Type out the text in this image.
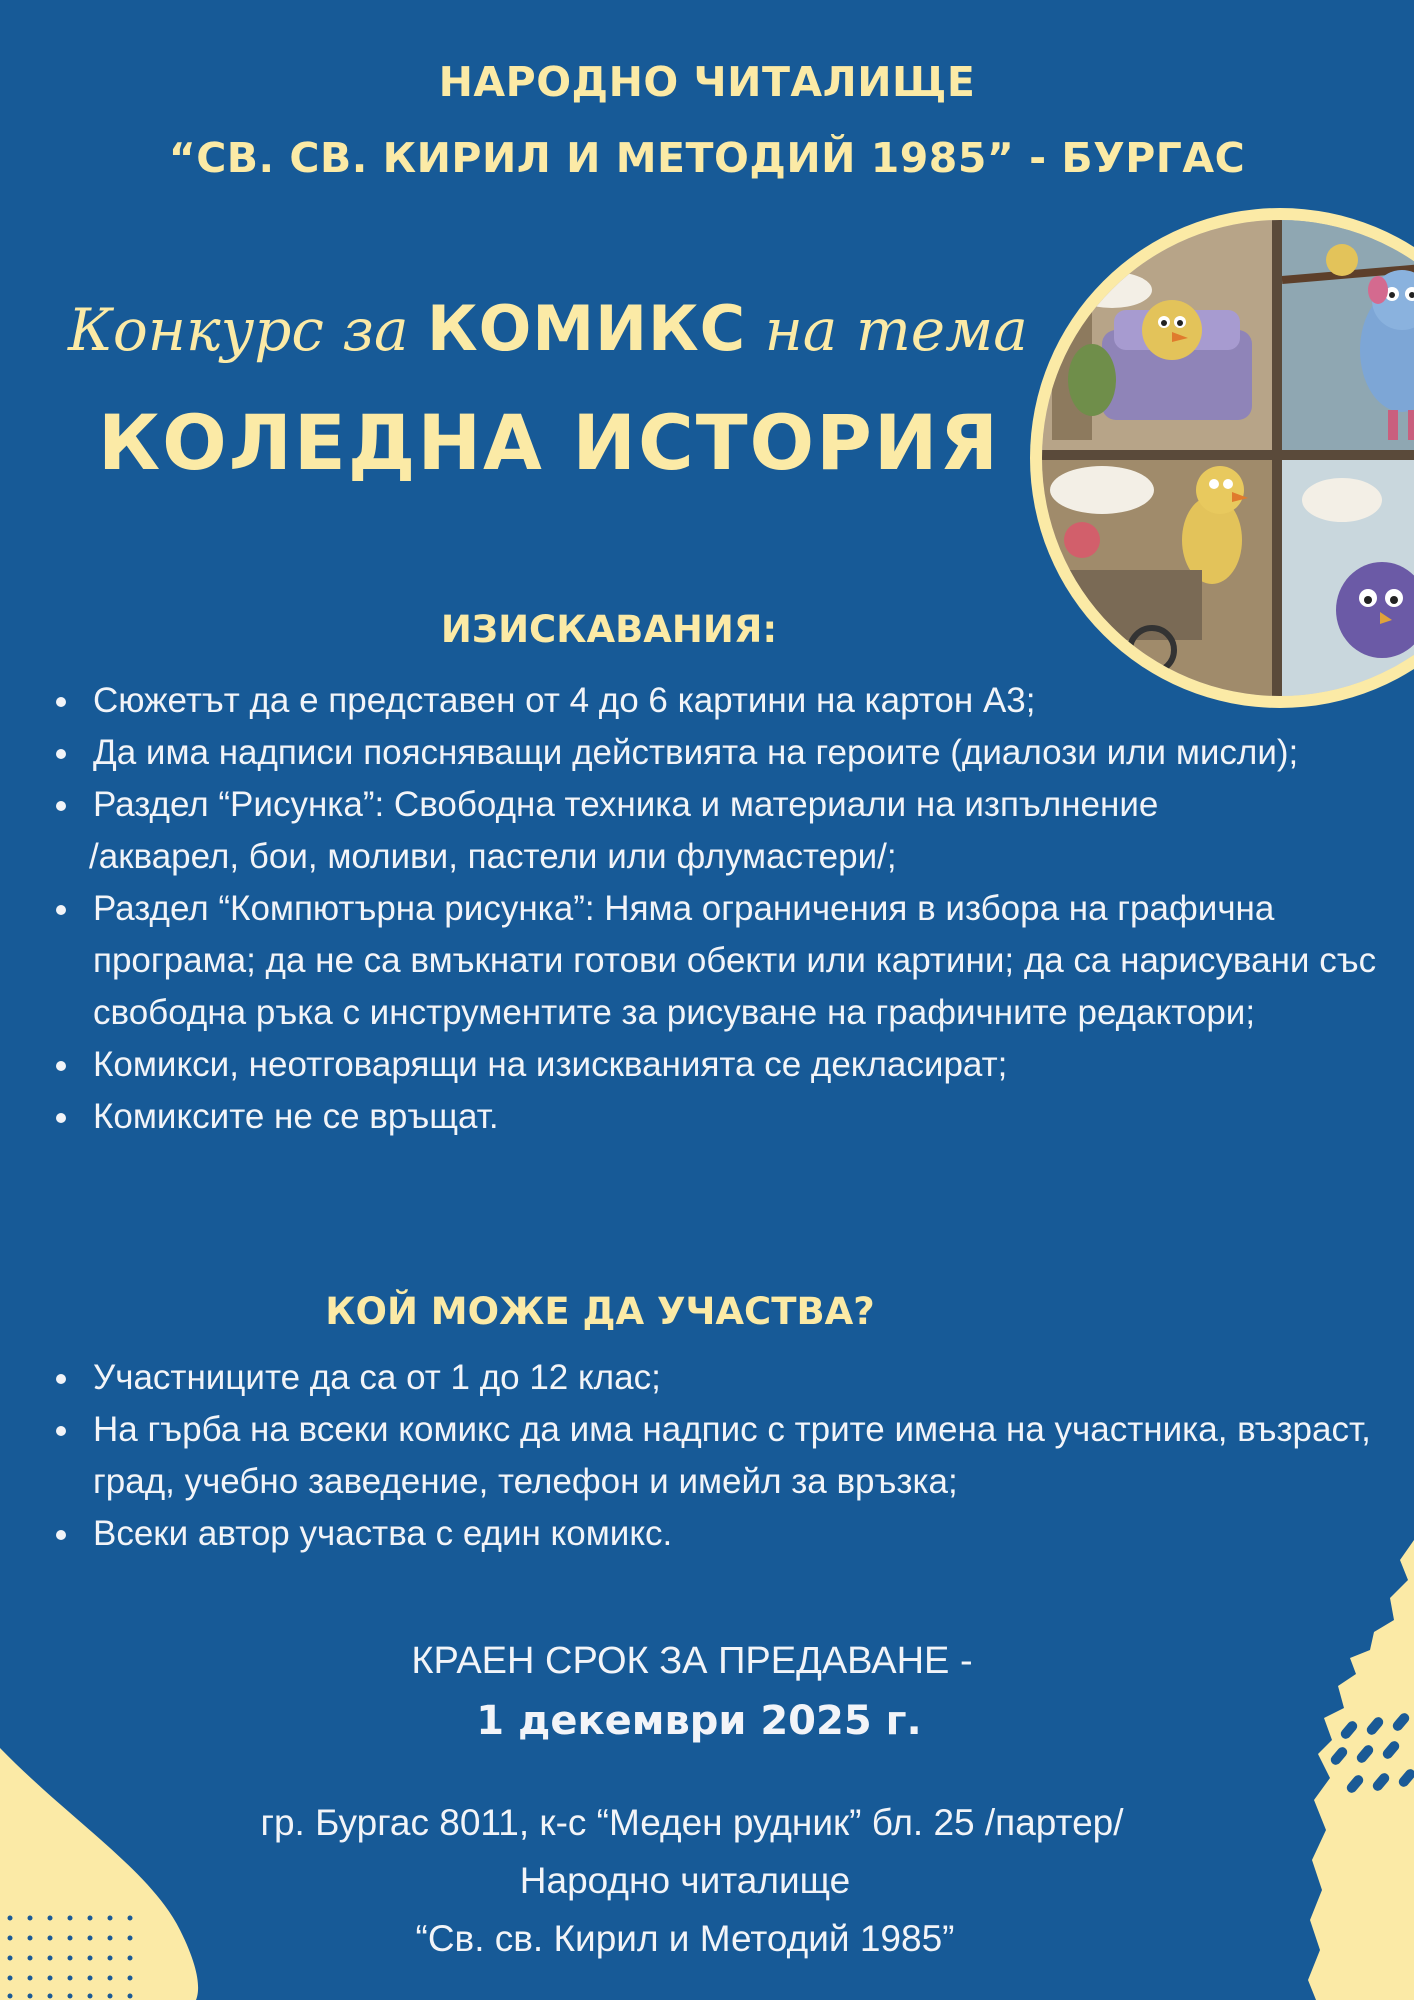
НАРОДНО ЧИТАЛИЩЕ
“СВ. СВ. КИРИЛ И МЕТОДИЙ 1985” - БУРГАС
Конкурс за КОМИКС на тема
КОЛЕДНА ИСТОРИЯ
ИЗИСКАВАНИЯ:
Сюжетът да е представен от 4 до 6 картини на картон А3;
Да има надписи поясняващи действията на героите (диалози или мисли);
Раздел “Рисунка”: Свободна техника и материали на изпълнение
/акварел, бои, моливи, пастели или флумастери/;
Раздел “Компютърна рисунка”: Няма ограничения в избора на графична програма; да не са вмъкнати готови обекти или картини; да са нарисувани със свободна ръка с инструментите за рисуване на графичните редактори;
Комикси, неотговарящи на изискванията се декласират;
Комиксите не се връщат.
КОЙ МОЖЕ ДА УЧАСТВА?
Участниците да са от 1 до 12 клас;
На гърба на всеки комикс да има надпис с трите имена на участника, възраст, град, учебно заведение, телефон и имейл за връзка;
Всеки автор участва с един комикс.
КРАЕН СРОК ЗА ПРЕДАВАНЕ -
1 декември 2025 г.
гр. Бургас 8011, к-с “Меден рудник” бл. 25 /партер/
Народно читалище
“Св. св. Кирил и Методий 1985”
